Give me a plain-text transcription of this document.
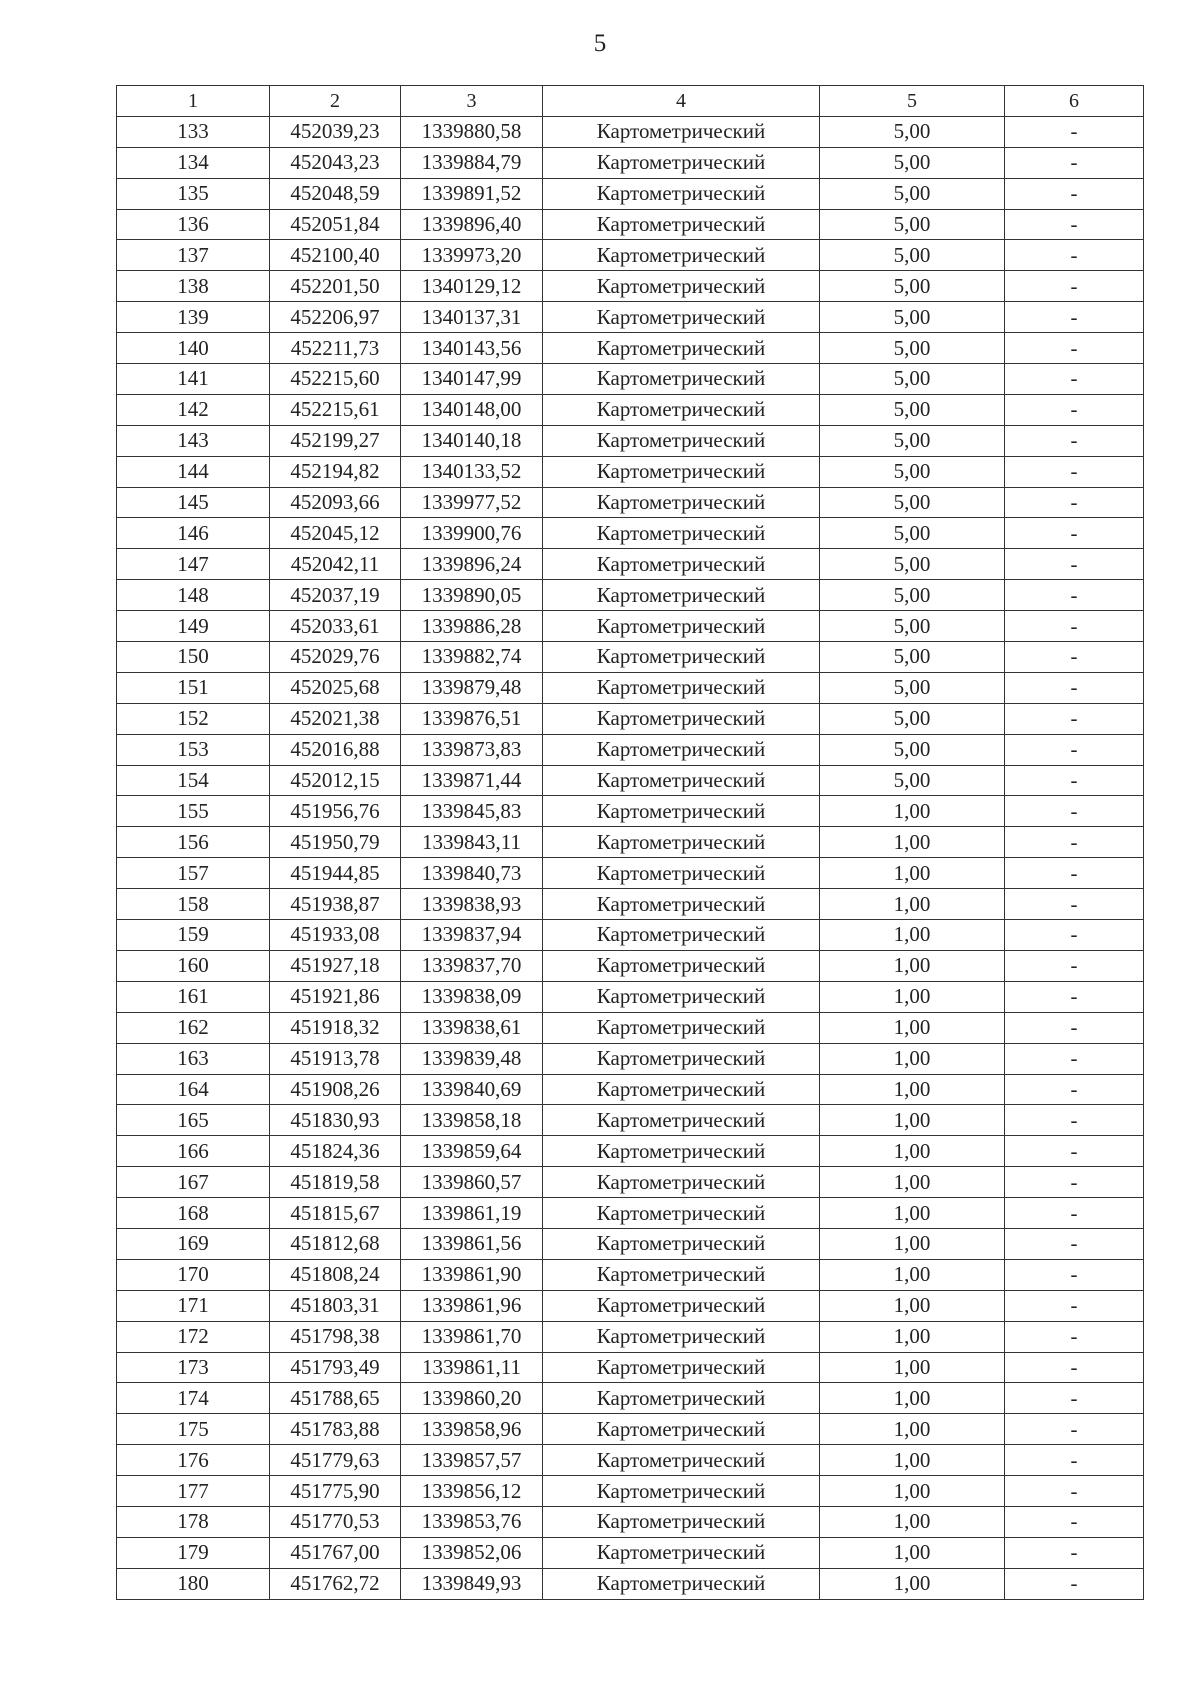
5
1	2	3	4	5	6
133	452039,23	1339880,58	Картометрический	5,00	-
134	452043,23	1339884,79	Картометрический	5,00	-
135	452048,59	1339891,52	Картометрический	5,00	-
136	452051,84	1339896,40	Картометрический	5,00	-
137	452100,40	1339973,20	Картометрический	5,00	-
138	452201,50	1340129,12	Картометрический	5,00	-
139	452206,97	1340137,31	Картометрический	5,00	-
140	452211,73	1340143,56	Картометрический	5,00	-
141	452215,60	1340147,99	Картометрический	5,00	-
142	452215,61	1340148,00	Картометрический	5,00	-
143	452199,27	1340140,18	Картометрический	5,00	-
144	452194,82	1340133,52	Картометрический	5,00	-
145	452093,66	1339977,52	Картометрический	5,00	-
146	452045,12	1339900,76	Картометрический	5,00	-
147	452042,11	1339896,24	Картометрический	5,00	-
148	452037,19	1339890,05	Картометрический	5,00	-
149	452033,61	1339886,28	Картометрический	5,00	-
150	452029,76	1339882,74	Картометрический	5,00	-
151	452025,68	1339879,48	Картометрический	5,00	-
152	452021,38	1339876,51	Картометрический	5,00	-
153	452016,88	1339873,83	Картометрический	5,00	-
154	452012,15	1339871,44	Картометрический	5,00	-
155	451956,76	1339845,83	Картометрический	1,00	-
156	451950,79	1339843,11	Картометрический	1,00	-
157	451944,85	1339840,73	Картометрический	1,00	-
158	451938,87	1339838,93	Картометрический	1,00	-
159	451933,08	1339837,94	Картометрический	1,00	-
160	451927,18	1339837,70	Картометрический	1,00	-
161	451921,86	1339838,09	Картометрический	1,00	-
162	451918,32	1339838,61	Картометрический	1,00	-
163	451913,78	1339839,48	Картометрический	1,00	-
164	451908,26	1339840,69	Картометрический	1,00	-
165	451830,93	1339858,18	Картометрический	1,00	-
166	451824,36	1339859,64	Картометрический	1,00	-
167	451819,58	1339860,57	Картометрический	1,00	-
168	451815,67	1339861,19	Картометрический	1,00	-
169	451812,68	1339861,56	Картометрический	1,00	-
170	451808,24	1339861,90	Картометрический	1,00	-
171	451803,31	1339861,96	Картометрический	1,00	-
172	451798,38	1339861,70	Картометрический	1,00	-
173	451793,49	1339861,11	Картометрический	1,00	-
174	451788,65	1339860,20	Картометрический	1,00	-
175	451783,88	1339858,96	Картометрический	1,00	-
176	451779,63	1339857,57	Картометрический	1,00	-
177	451775,90	1339856,12	Картометрический	1,00	-
178	451770,53	1339853,76	Картометрический	1,00	-
179	451767,00	1339852,06	Картометрический	1,00	-
180	451762,72	1339849,93	Картометрический	1,00	-
